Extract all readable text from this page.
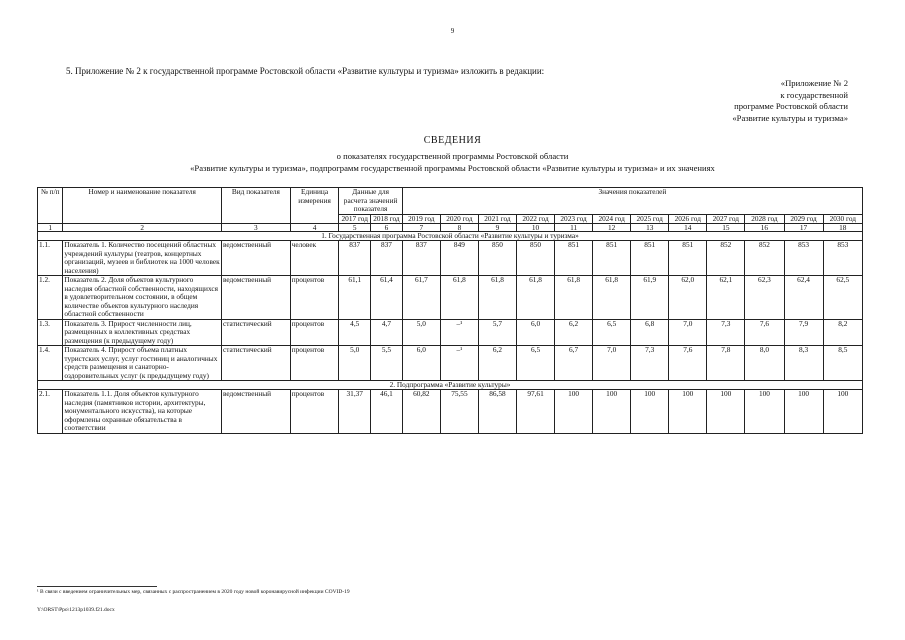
9
5. Приложение № 2 к государственной программе Ростовской области «Развитие культуры и туризма» изложить в редакции:
«Приложение № 2
к государственной
программе Ростовской области
«Развитие культуры и туризма»
СВЕДЕНИЯ
о показателях государственной программы Ростовской области
«Развитие культуры и туризма», подпрограмм государственной программы Ростовской области «Развитие культуры и туризма» и их значениях
№ п/п	Номер и наименование показателя	Вид показателя	Единица измерения	Данные для расчета значений показателя		Значения показателей											
				2017 год	2018 год	2019 год	2020 год	2021 год	2022 год	2023 год	2024 год	2025 год	2026 год	2027 год	2028 год	2029 год	2030 год
1	2	3	4	5	6	7	8	9	10	11	12	13	14	15	16	17	18
1. Государственная программа Ростовской области «Развитие культуры и туризма»																	
1.1.	Показатель 1. Количество посещений областных учреждений культуры (театров, концертных организаций, музеев и библиотек на 1000 человек населения)	ведомственный	человек	837	837	837	849	850	850	851	851	851	851	852	852	853	853
1.2.	Показатель 2. Доля объектов культурного наследия областной собственности, находящихся в удовлетворительном состоянии, в общем количестве объектов культурного наследия областной собственности	ведомственный	процентов	61,1	61,4	61,7	61,8	61,8	61,8	61,8	61,8	61,9	62,0	62,1	62,3	62,4	62,5
1.3.	Показатель 3. Прирост численности лиц, размещенных в коллективных средствах размещения (к предыдущему году)	статистический	процентов	4,5	4,7	5,0	–¹	5,7	6,0	6,2	6,5	6,8	7,0	7,3	7,6	7,9	8,2
1.4.	Показатель 4. Прирост объема платных туристских услуг, услуг гостиниц и аналогичных средств размещения и санаторно-оздоровительных услуг (к предыдущему году)	статистический	процентов	5,0	5,5	6,0	–¹	6,2	6,5	6,7	7,0	7,3	7,6	7,8	8,0	8,3	8,5
2. Подпрограмма «Развитие культуры»																	
2.1.	Показатель 1.1. Доля объектов культурного наследия (памятников истории, архитектуры, монументального искусства), на которые оформлены охранные обязательства в соответствии	ведомственный	процентов	31,37	46,1	60,82	75,55	86,58	97,61	100	100	100	100	100	100	100	100
¹ В связи с введением ограничительных мер, связанных с распространением в 2020 году новой коронавирусной инфекции COVID-19
Y:\ORST\Ppo\1213p1039.f21.docx
